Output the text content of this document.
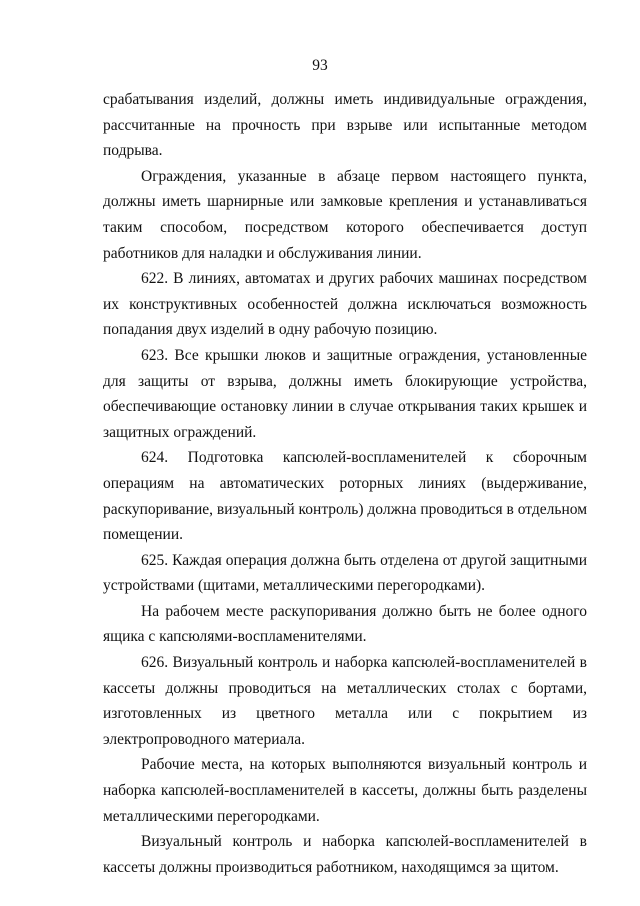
93

срабатывания изделий, должны иметь индивидуальные ограждения, рассчитанные на прочность при взрыве или испытанные методом подрыва.

Ограждения, указанные в абзаце первом настоящего пункта, должны иметь шарнирные или замковые крепления и устанавливаться таким способом, посредством которого обеспечивается доступ работников для наладки и обслуживания линии.

622. В линиях, автоматах и других рабочих машинах посредством их конструктивных особенностей должна исключаться возможность попадания двух изделий в одну рабочую позицию.

623. Все крышки люков и защитные ограждения, установленные для защиты от взрыва, должны иметь блокирующие устройства, обеспечивающие остановку линии в случае открывания таких крышек и защитных ограждений.

624. Подготовка капсюлей-воспламенителей к сборочным операциям на автоматических роторных линиях (выдерживание, раскупоривание, визуальный контроль) должна проводиться в отдельном помещении.

625. Каждая операция должна быть отделена от другой защитными устройствами (щитами, металлическими перегородками).

На рабочем месте раскупоривания должно быть не более одного ящика с капсюлями-воспламенителями.

626. Визуальный контроль и наборка капсюлей-воспламенителей в кассеты должны проводиться на металлических столах с бортами, изготовленных из цветного металла или с покрытием из электропроводного материала.

Рабочие места, на которых выполняются визуальный контроль и наборка капсюлей-воспламенителей в кассеты, должны быть разделены металлическими перегородками.

Визуальный контроль и наборка капсюлей-воспламенителей в кассеты должны производиться работником, находящимся за щитом.
